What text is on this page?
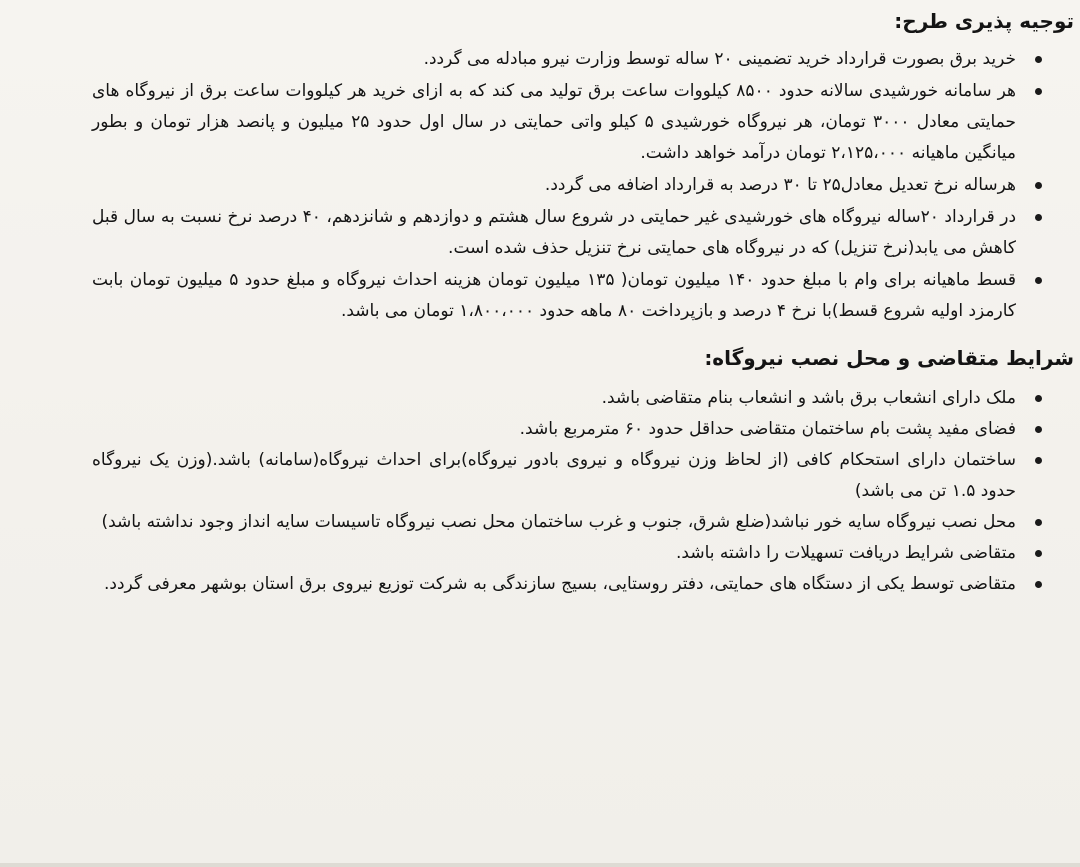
توجیه پذیری طرح:
خرید برق بصورت قرارداد خرید تضمینی ۲۰ ساله توسط وزارت نیرو مبادله می گردد.
هر سامانه خورشیدی سالانه حدود ۸۵۰۰ کیلووات ساعت برق تولید می کند که به ازای خرید هر کیلووات ساعت برق از نیروگاه های حمایتی معادل ۳۰۰۰ تومان، هر نیروگاه خورشیدی ۵ کیلو واتی حمایتی در سال اول حدود ۲۵ میلیون و پانصد هزار تومان و بطور میانگین ماهیانه ۲،۱۲۵،۰۰۰ تومان درآمد خواهد داشت.
هرساله نرخ تعدیل معادل۲۵ تا ۳۰ درصد به قرارداد اضافه می گردد.
در قرارداد ۲۰ساله نیروگاه های خورشیدی غیر حمایتی در شروع سال هشتم و دوازدهم و شانزدهم، ۴۰ درصد نرخ نسبت به سال قبل کاهش می یابد(نرخ تنزیل) که در نیروگاه های حمایتی نرخ تنزیل حذف شده است.
قسط ماهیانه برای وام با مبلغ حدود ۱۴۰ میلیون تومان( ۱۳۵ میلیون تومان هزینه احداث نیروگاه و مبلغ حدود ۵ میلیون تومان بابت کارمزد اولیه شروع قسط)با نرخ ۴ درصد و بازپرداخت ۸۰ ماهه حدود ۱،۸۰۰،۰۰۰ تومان می باشد.
شرایط متقاضی و محل نصب نیروگاه:
ملک دارای انشعاب برق باشد و انشعاب بنام متقاضی باشد.
فضای مفید پشت بام ساختمان متقاضی حداقل حدود ۶۰ مترمربع باشد.
ساختمان دارای استحکام کافی (از لحاظ وزن نیروگاه و نیروی بادور نیروگاه)برای احداث نیروگاه(سامانه) باشد.(وزن یک نیروگاه حدود ۱.۵ تن می باشد)
محل نصب نیروگاه سایه خور نباشد(ضلع شرق، جنوب و غرب ساختمان محل نصب نیروگاه تاسیسات سایه انداز وجود نداشته باشد)
متقاضی شرایط دریافت تسهیلات را داشته باشد.
متقاضی توسط یکی از دستگاه های حمایتی، دفتر روستایی، بسیج سازندگی به شرکت توزیع نیروی برق استان بوشهر معرفی گردد.
